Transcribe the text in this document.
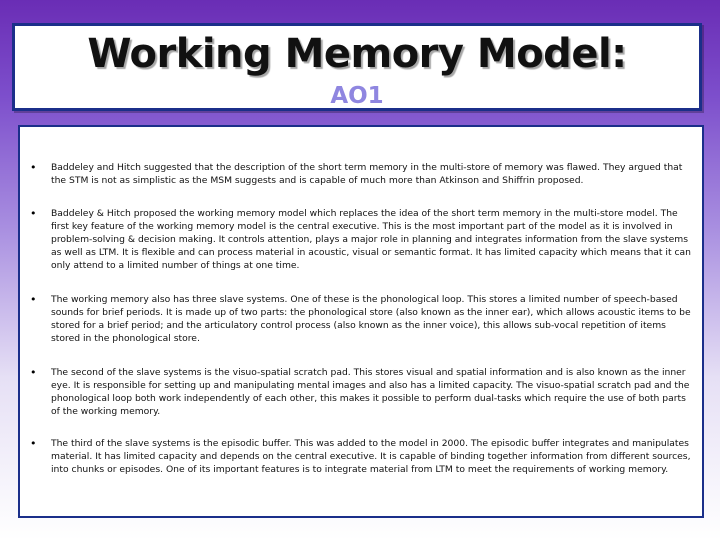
Working Memory Model:
AO1
• Baddeley and Hitch suggested that the description of the short term memory in the multi-store of memory was flawed. They argued that the STM is not as simplistic as the MSM suggests and is capable of much more than Atkinson and Shiffrin proposed.

• Baddeley & Hitch proposed the working memory model which replaces the idea of the short term memory in the multi-store model. The first key feature of the working memory model is the central executive. This is the most important part of the model as it is involved in problem-solving & decision making. It controls attention, plays a major role in planning and integrates information from the slave systems as well as LTM. It is flexible and can process material in acoustic, visual or semantic format. It has limited capacity which means that it can only attend to a limited number of things at one time.

• The working memory also has three slave systems. One of these is the phonological loop. This stores a limited number of speech-based sounds for brief periods. It is made up of two parts: the phonological store (also known as the inner ear), which allows acoustic items to be stored for a brief period; and the articulatory control process (also known as the inner voice), this allows sub-vocal repetition of items stored in the phonological store.

• The second of the slave systems is the visuo-spatial scratch pad. This stores visual and spatial information and is also known as the inner eye. It is responsible for setting up and manipulating mental images and also has a limited capacity. The visuo-spatial scratch pad and the phonological loop both work independently of each other, this makes it possible to perform dual-tasks which require the use of both parts of the working memory.

• The third of the slave systems is the episodic buffer. This was added to the model in 2000. The episodic buffer integrates and manipulates material. It has limited capacity and depends on the central executive. It is capable of binding together information from different sources, into chunks or episodes. One of its important features is to integrate material from LTM to meet the requirements of working memory.
